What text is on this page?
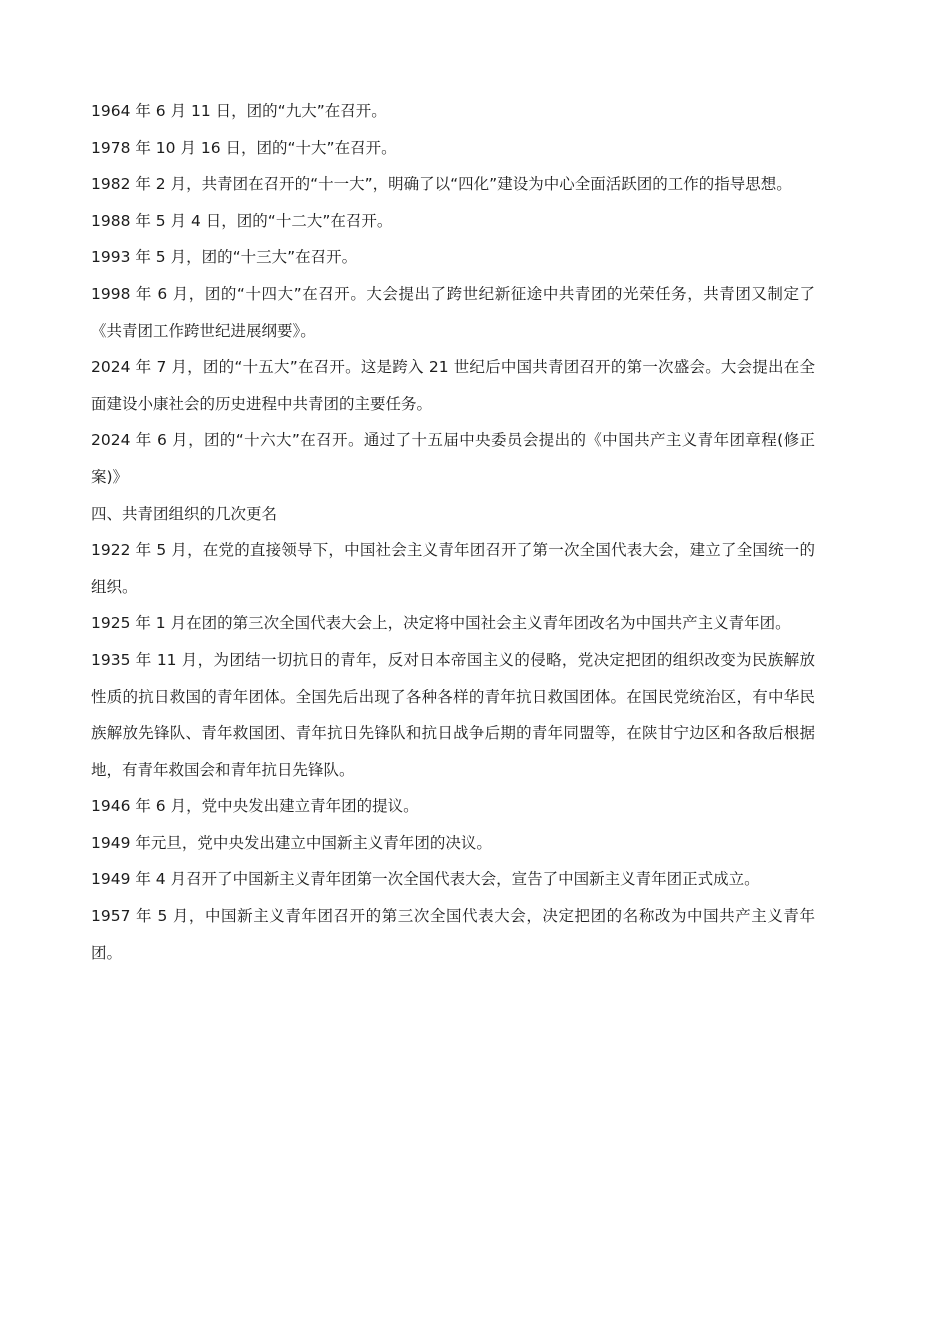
1964 年 6 月 11 日，团的“九大”在召开。

1978 年 10 月 16 日，团的“十大”在召开。

1982 年 2 月，共青团在召开的“十一大”，明确了以“四化”建设为中心全面活跃团的工作的指导思想。

1988 年 5 月 4 日，团的“十二大”在召开。

1993 年 5 月，团的“十三大”在召开。

1998 年 6 月，团的“十四大”在召开。大会提出了跨世纪新征途中共青团的光荣任务，共青团又制定了《共青团工作跨世纪进展纲要》。

2024 年 7 月，团的“十五大”在召开。这是跨入 21 世纪后中国共青团召开的第一次盛会。大会提出在全面建设小康社会的历史进程中共青团的主要任务。

2024 年 6 月，团的“十六大”在召开。通过了十五届中央委员会提出的《中国共产主义青年团章程(修正案)》

四、共青团组织的几次更名

1922 年 5 月，在党的直接领导下，中国社会主义青年团召开了第一次全国代表大会，建立了全国统一的组织。

1925 年 1 月在团的第三次全国代表大会上，决定将中国社会主义青年团改名为中国共产主义青年团。

1935 年 11 月，为团结一切抗日的青年，反对日本帝国主义的侵略，党决定把团的组织改变为民族解放性质的抗日救国的青年团体。全国先后出现了各种各样的青年抗日救国团体。在国民党统治区，有中华民族解放先锋队、青年救国团、青年抗日先锋队和抗日战争后期的青年同盟等，在陕甘宁边区和各敌后根据地，有青年救国会和青年抗日先锋队。

1946 年 6 月，党中央发出建立青年团的提议。

1949 年元旦，党中央发出建立中国新主义青年团的决议。

1949 年 4 月召开了中国新主义青年团第一次全国代表大会，宣告了中国新主义青年团正式成立。

1957 年 5 月，中国新主义青年团召开的第三次全国代表大会，决定把团的名称改为中国共产主义青年团。
